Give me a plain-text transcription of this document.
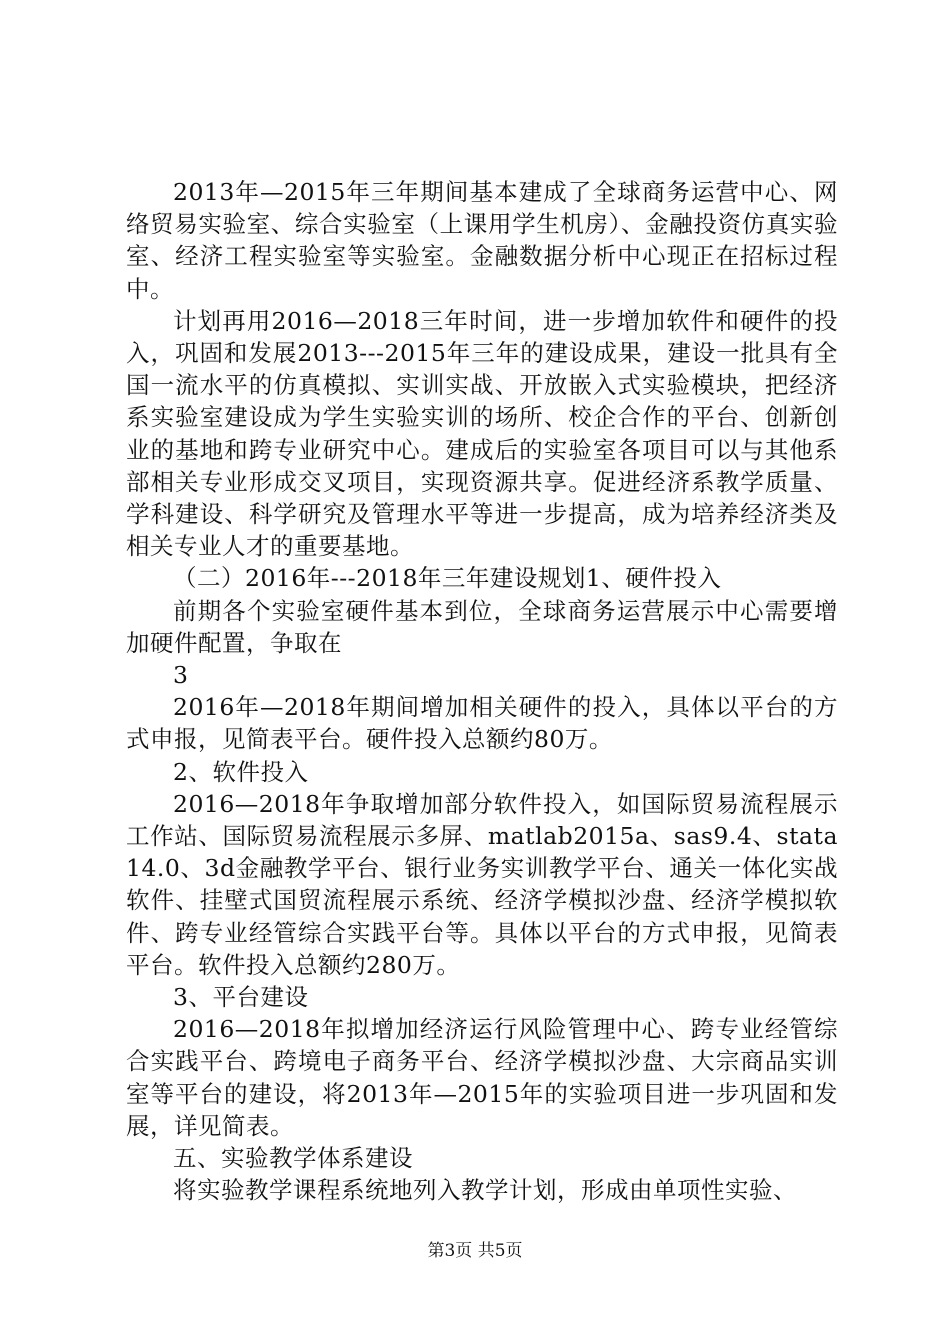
2013年—2015年三年期间基本建成了全球商务运营中心、网络贸易实验室、综合实验室（上课用学生机房）、金融投资仿真实验室、经济工程实验室等实验室。金融数据分析中心现正在招标过程中。

计划再用2016—2018三年时间，进一步增加软件和硬件的投入，巩固和发展2013---2015年三年的建设成果，建设一批具有全国一流水平的仿真模拟、实训实战、开放嵌入式实验模块，把经济系实验室建设成为学生实验实训的场所、校企合作的平台、创新创业的基地和跨专业研究中心。建成后的实验室各项目可以与其他系部相关专业形成交叉项目，实现资源共享。促进经济系教学质量、学科建设、科学研究及管理水平等进一步提高，成为培养经济类及相关专业人才的重要基地。

（二）2016年---2018年三年建设规划1、硬件投入

前期各个实验室硬件基本到位，全球商务运营展示中心需要增加硬件配置，争取在

3

2016年—2018年期间增加相关硬件的投入，具体以平台的方式申报，见简表平台。硬件投入总额约80万。

2、软件投入

2016—2018年争取增加部分软件投入，如国际贸易流程展示工作站、国际贸易流程展示多屏、matlab2015a、sas9.4、stata14.0、3d金融教学平台、银行业务实训教学平台、通关一体化实战软件、挂壁式国贸流程展示系统、经济学模拟沙盘、经济学模拟软件、跨专业经管综合实践平台等。具体以平台的方式申报，见简表平台。软件投入总额约280万。

3、平台建设

2016—2018年拟增加经济运行风险管理中心、跨专业经管综合实践平台、跨境电子商务平台、经济学模拟沙盘、大宗商品实训室等平台的建设，将2013年—2015年的实验项目进一步巩固和发展，详见简表。

五、实验教学体系建设

将实验教学课程系统地列入教学计划，形成由单项性实验、

第3页 共5页
